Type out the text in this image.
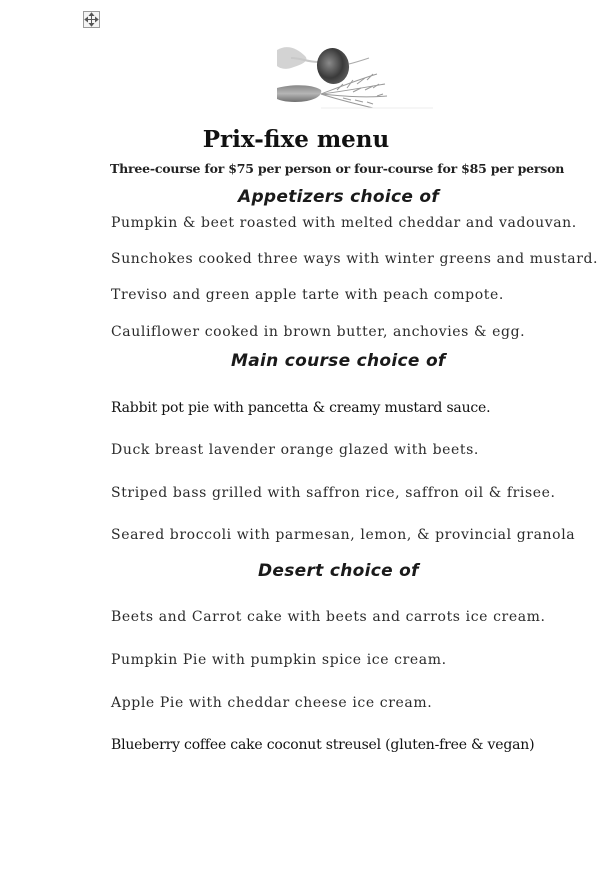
Prix-fixe menu
Three-course for $75 per person or four-course for $85 per person
Appetizers choice of
Pumpkin & beet roasted with melted cheddar and vadouvan.
Sunchokes cooked three ways with winter greens and mustard.
Treviso and green apple tarte with peach compote.
Cauliflower cooked in brown butter, anchovies & egg.
Main course choice of
Rabbit pot pie with pancetta & creamy mustard sauce.
Duck breast lavender orange glazed with beets.
Striped bass grilled with saffron rice, saffron oil & frisee.
Seared broccoli with parmesan, lemon, & provincial granola
Desert choice of
Beets and Carrot cake with beets and carrots ice cream.
Pumpkin Pie with pumpkin spice ice cream.
Apple Pie with cheddar cheese ice cream.
Blueberry coffee cake coconut streusel (gluten-free & vegan)
